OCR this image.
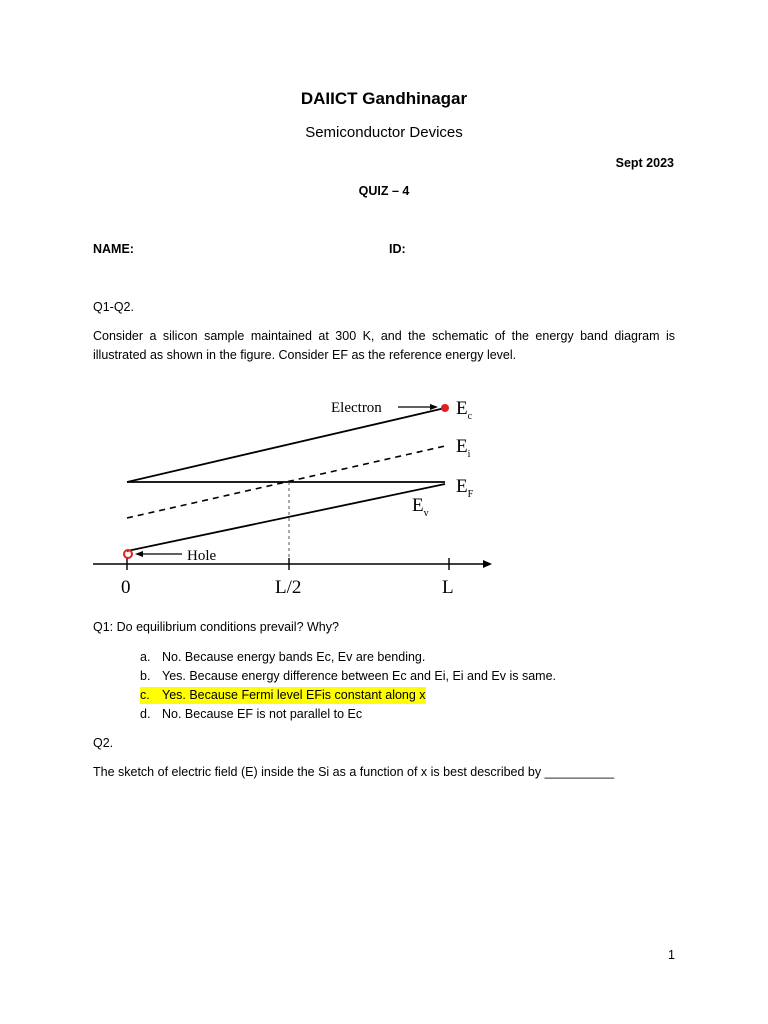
DAIICT Gandhinagar
Semiconductor Devices
Sept 2023
QUIZ – 4
NAME:	ID:
Q1-Q2.
Consider a silicon sample maintained at 300 K, and the schematic of the energy band diagram is illustrated as shown in the figure. Consider EF as the reference energy level.
Electron
Hole
$E_c$
$E_i$
$E_F$
$E_v$
0	L/2	L
Q1: Do equilibrium conditions prevail? Why?
a. No. Because energy bands Ec, Ev are bending.
b. Yes. Because energy difference between Ec and Ei, Ei and Ev is same.
c. Yes. Because Fermi level EFis constant along x
d. No. Because EF is not parallel to Ec
Q2.
The sketch of electric field (E) inside the Si as a function of x is best described by __________
1
